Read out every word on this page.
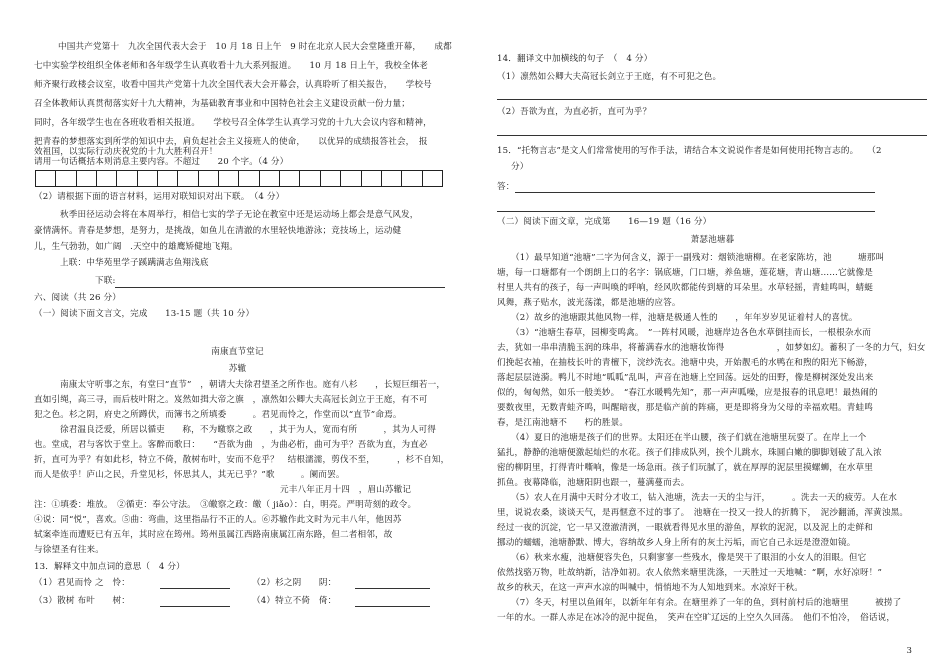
中国共产党第十　九次全国代表大会于　10 月 18 日上午　9 时在北京人民大会堂隆重开幕，　　成都
七中实验学校组织全体老师和各年级学生认真收看十九大系列报道。　　10 月 18 日上午，我校全体老
师齐聚行政楼会议室，收看中国共产党第十九次全国代表大会开幕会，认真聆听了相关报告，　　学校号
召全体教师认真贯彻落实好十九大精神，为基础教育事业和中国特色社会主义建设贡献一份力量；
同时，各年级学生也在各班收看相关报道。　　学校号召全体学生认真学习党的十九大会议内容和精神，
把青春的梦想落实到所学的知识中去，肩负起社会主义接班人的使命，　　以优异的成绩报答社会，　报
效祖国，以实际行动庆祝党的十九大胜利召开！
请用一句话概括本则消息主要内容。不超过　　20 个字。（4 分）
（2）请根据下面的语言材料，运用对联知识对出下联。　（4 分）
秋季田径运动会将在本周举行，相信七实的学子无论在教室中还是运动场上都会是意气风发，
豪情满怀。青春是梦想，是努力，是挑战，如鱼儿在清澈的水里轻快地游泳；竞技场上，运动健
儿，生气勃勃，如广阔　.天空中的雄鹰矫健地飞翔。
上联：中华苑里学子蹊蹒满志鱼翔浅底
下联:
六、阅读（共 26 分）
（一）阅读下面文言文，完成　　13-15 题（共 10 分）
南康直节堂记
苏辙
南康太守听事之东，有堂曰“直节”　，朝请大夫徐君望圣之所作也。庭有八杉　　，长短巨细若一，
直如引绳，高三寻，而后枝叶附之。岌然如揖大帝之旗　，凛然如公卿大夫高冠长剑立于王庭，有不可
犯之色。杉之阴，府史之所蹲伏，而簿书之所填委　　　。君见而怜之，作堂而以“直节”命焉。
徐君温良泛爱，所居以循吏　　称，不为皦察之政　　，其于为人，宽而有所　　　，其为人可得
也。堂成，君与客饮于堂上。客醉而歌曰：　　“吾欲为曲　，为曲必桁，曲可为乎？吾欲为直，为直必
折，直可为乎？有如此杉，特立不倚，散树布叶，安而不危乎？　结根濡濡，剪伐不至，　　　，杉不自知，
而人是依乎！庐山之民，升堂见杉，怀思其人，其无已乎？”歌　　　。阑而罢。
元丰八年正月十四　，眉山苏辙记
注：①填委：堆放。　②循吏：奉公守法。　③皦察之政：皦（ jiǎo）：白，明亮。严明苛刻的政令。
④说：同“悦”，喜欢。⑤曲：弯曲，这里指品行不正的人。⑥苏辙作此文时为元丰八年，他因苏
轼案牵连而遭贬已有五年，其时应在筠州。筠州虽属江西路南康属江南东路，但二者相邻，故
与徐望圣有往来。
13．解释文中加点词的意思（　4 分）
（1）君见而怜 之　怜：	（2）杉之阴　　阴：
（3）散树 布叶　　树：	（4）特立不倚　倚：
14．翻译文中加横线的句子　（　4 分）
（1）凛然如公卿大夫高冠长剑立于王庭，有不可犯之色。
（2）吾欲为直，为直必折，直可为乎？
15．“托物言志”是文人们常常使用的写作手法，请结合本文说说作者是如何使用托物言志的。　　（2
分）
答：
（二）阅读下面文章，完成第　　16—19 题（16 分）
萧瑟池塘暮
（1）最早知道“池塘”二字为何含义，源于一副残对：烟锁池塘柳。在老家陈坊，池　　　塘那叫
塘，每一口塘都有一个朗朗上口的名字：锅底塘，门口塘，养鱼塘，莲花塘，青山塘……它就像是
村里人共有的孩子，每一声叫唤的呼响，经风吹都能传到塘的耳朵里。水草轻摇，青蛙鸣叫，蜻蜓
风舞，燕子贴水，波光荡漾，都是池塘的应答。
（2）故乡的池塘跟其他风物一样，池塘是极通人性的　　，年年岁岁见证着村人的喜忧。
（3）“池塘生春草，园柳变鸣禽。　”一阵村风暖，池塘岸边各色水草倒挂而长，一根根杂水而
去，犹如一串串清脆玉润的珠串，将蓄满春水的池塘妆饰得　　　　　　，如梦如幻。蓄积了一冬的力气，妇女
们挽起衣袖，在抽枝长叶的青檀下，浣纱洗衣。池塘中央，开始靓毛的水鸭在和煦的阳光下畅游，
落起层层涟漪。鸭儿不时地“呱呱”乱叫，声音在池塘上空回荡。远处的田野，像是柳树深处发出来
似的，匈匈然，如乐一般美妙。　“春江水暖鸭先知”，那一声声呱噪，应是报春的讯息吧！最热闹的
要数夜里，无数青蛙齐鸣，叫醒暗夜，那是临产前的阵痛，更是即将身为父母的幸福欢唱。青蛙鸣
春，是江南池塘不　　朽的胜景。
（4）夏日的池塘是孩子们的世界。太阳还在半山腰，孩子们就在池塘里玩耍了。在岸上一个
猛扎，静静的池塘便激起灿烂的水花。孩子们排成队列，挨个儿跳水，珠圆白嫩的脚脚划破了乱入浓
密的柳阴里，打得青叶嘶响，像是一场急雨。孩子们玩腻了，就在厚厚的泥层里摸螺蛳，在水草里
抓鱼。夜幕降临，池塘阳阴也跟一，蔓满蔓而去。
（5）农人在月满中天时分才收工，钻入池塘，洗去一天的尘与汗，　　　。洗去一天的疲劳。人在水
里，说说农桑，谈谈天气，是再惬意不过的事了。　池塘在一投又一投人的折腾下，　泥沙翻涌，浑黄浊黑。
经过一夜的沉淀，它一早又澄澈清洌，一眼就看得见水里的游鱼，厚软的泥泥，以及泥上的走鲜和
挪动的蠕蠕，池塘静默、博大，容纳故乡人身上所有的灰土污垢，而它自己永远是澄澄如镜。
（6）秋来水瘦，池塘便容失色，只剩寥寥一些残水，像是哭干了眼泪的小女人的泪眼。但它
依然找骆万物，吐故纳新，洁净如初。农人依然来塘里洗涤，一天胜过一天地喊：“啊，水好凉呀！”
故乡的秋天，在这一声声水凉的叫喊中，悄悄地不为人知地到来。水凉好干秋。
（7）冬天，村里以鱼闹年，以新年年有余。在塘里养了一年的鱼，到村前村后的池塘里　　　被捞了
一年的水。一群人赤足在冰冷的泥中捉鱼，　笑声在空旷辽远的上空久久回荡。　他们不怕冷，　俗话说，
3
